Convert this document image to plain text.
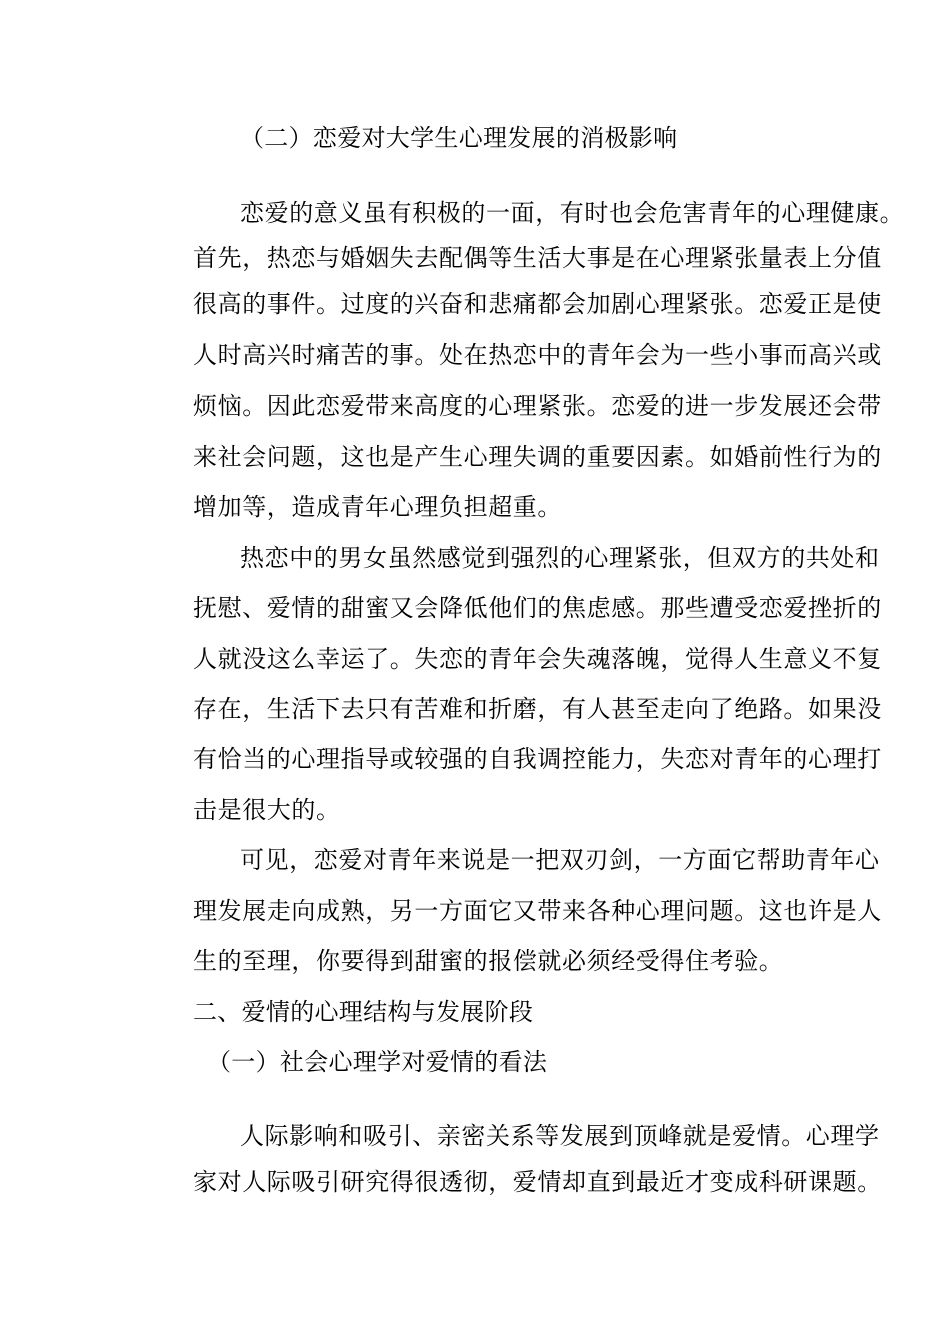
（二）恋爱对大学生心理发展的消极影响
恋爱的意义虽有积极的一面，有时也会危害青年的心理健康。
首先，热恋与婚姻失去配偶等生活大事是在心理紧张量表上分值
很高的事件。过度的兴奋和悲痛都会加剧心理紧张。恋爱正是使
人时高兴时痛苦的事。处在热恋中的青年会为一些小事而高兴或
烦恼。因此恋爱带来高度的心理紧张。恋爱的进一步发展还会带
来社会问题，这也是产生心理失调的重要因素。如婚前性行为的
增加等，造成青年心理负担超重。
热恋中的男女虽然感觉到强烈的心理紧张，但双方的共处和
抚慰、爱情的甜蜜又会降低他们的焦虑感。那些遭受恋爱挫折的
人就没这么幸运了。失恋的青年会失魂落魄，觉得人生意义不复
存在，生活下去只有苦难和折磨，有人甚至走向了绝路。如果没
有恰当的心理指导或较强的自我调控能力，失恋对青年的心理打
击是很大的。
可见，恋爱对青年来说是一把双刃剑，一方面它帮助青年心
理发展走向成熟，另一方面它又带来各种心理问题。这也许是人
生的至理，你要得到甜蜜的报偿就必须经受得住考验。
二、爱情的心理结构与发展阶段
（一）社会心理学对爱情的看法
人际影响和吸引、亲密关系等发展到顶峰就是爱情。心理学
家对人际吸引研究得很透彻，爱情却直到最近才变成科研课题。
